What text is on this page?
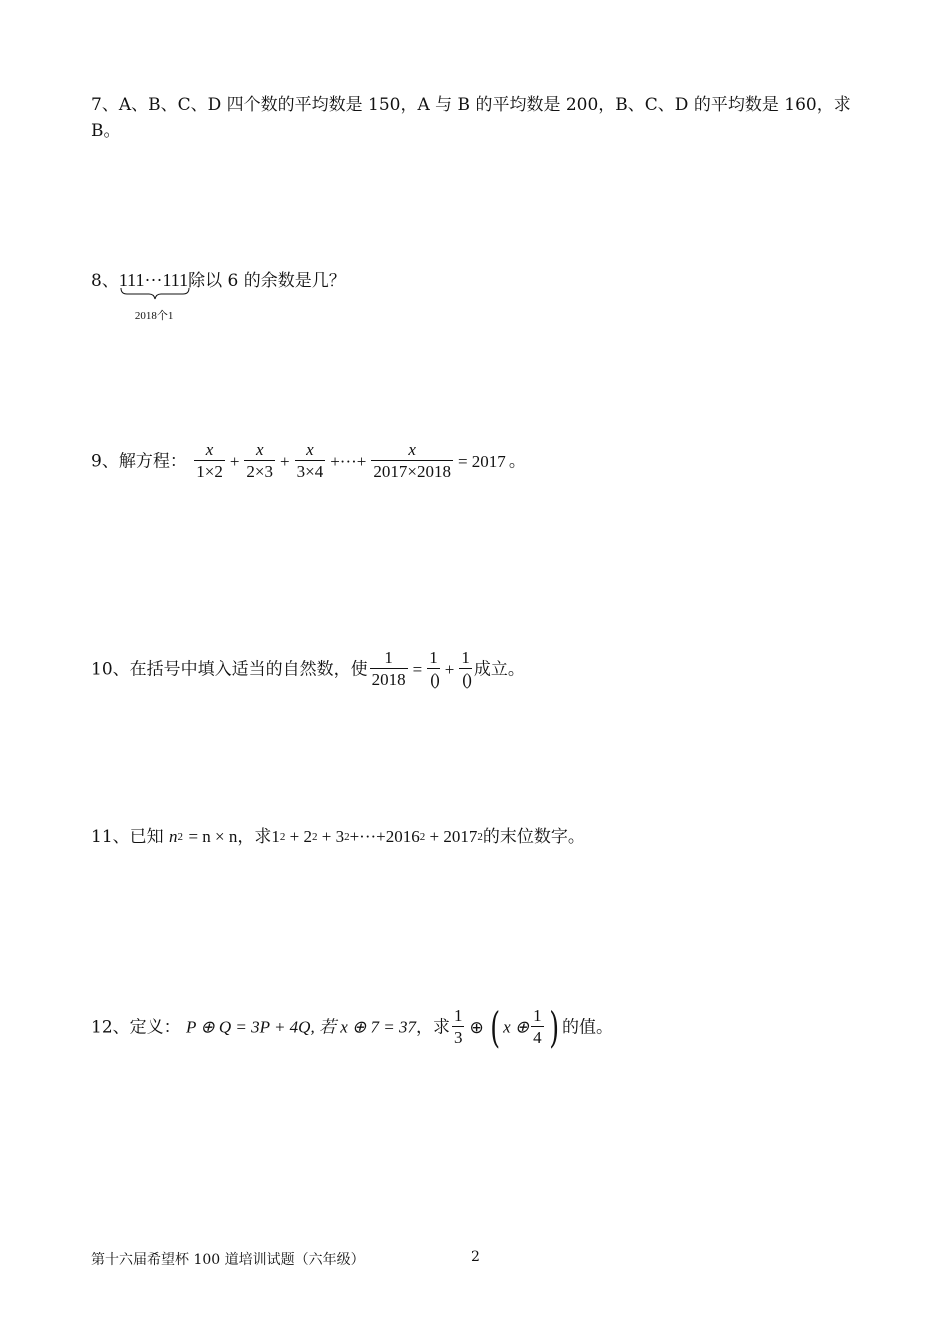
7、A、B、C、D 四个数的平均数是 150，A 与 B 的平均数是 200，B、C、D 的平均数是 160，求
B。
8、111···111
2018个1
除以 6 的余数是几？
9、解方程： $\frac{x}{1\times 2} + \frac{x}{2\times 3} + \frac{x}{3\times 4}$ +···+ $\frac{x}{2017\times 2018} = 2017$ 。
10、在括号中填入适当的自然数，使 $\frac{1}{2018} = \frac{1}{( )} + \frac{1}{( )}$ 成立。
11、已知 $n^2 = n \times n$，求$1^2 + 2^2 + 3^2+\cdot\cdot\cdot+2016^2 + 2017^2$的末位数字。
12、定义： P ⊕ Q = 3P + 4Q, 若 x ⊕ 7 = 37，求 $\frac{1}{3}$ ⊕ ( x ⊕ $\frac{1}{4}$ ) 的值。
第十六届希望杯 100 道培训试题（六年级）	2
